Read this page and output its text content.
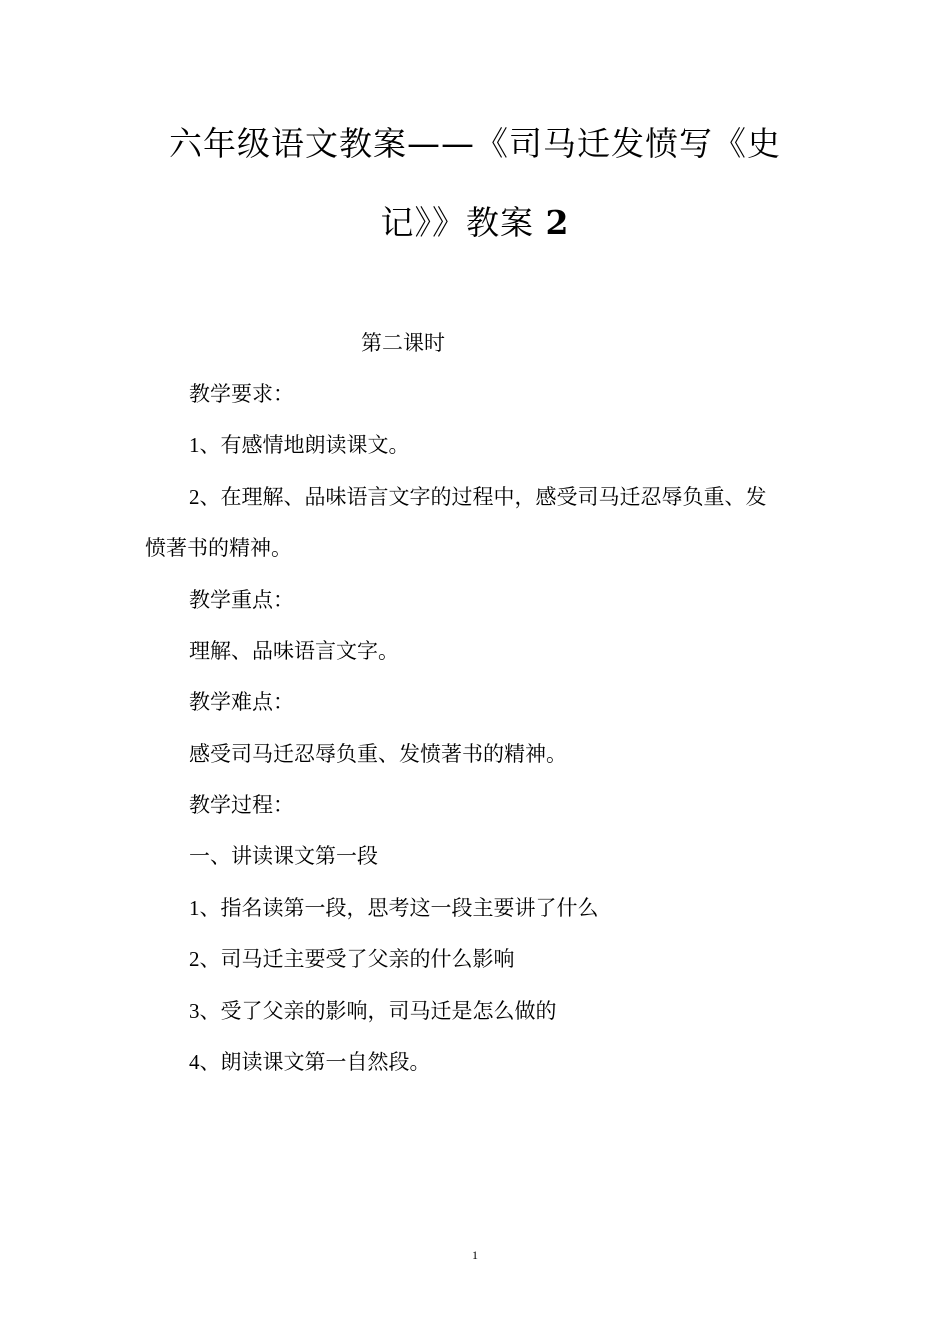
六年级语文教案——《司马迁发愤写《史
记》》教案 2
第二课时
教学要求：
1、有感情地朗读课文。
2、在理解、品味语言文字的过程中，感受司马迁忍辱负重、发
愤著书的精神。
教学重点：
理解、品味语言文字。
教学难点：
感受司马迁忍辱负重、发愤著书的精神。
教学过程：
一、讲读课文第一段
1、指名读第一段，思考这一段主要讲了什么
2、司马迁主要受了父亲的什么影响
3、受了父亲的影响，司马迁是怎么做的
4、朗读课文第一自然段。
1
